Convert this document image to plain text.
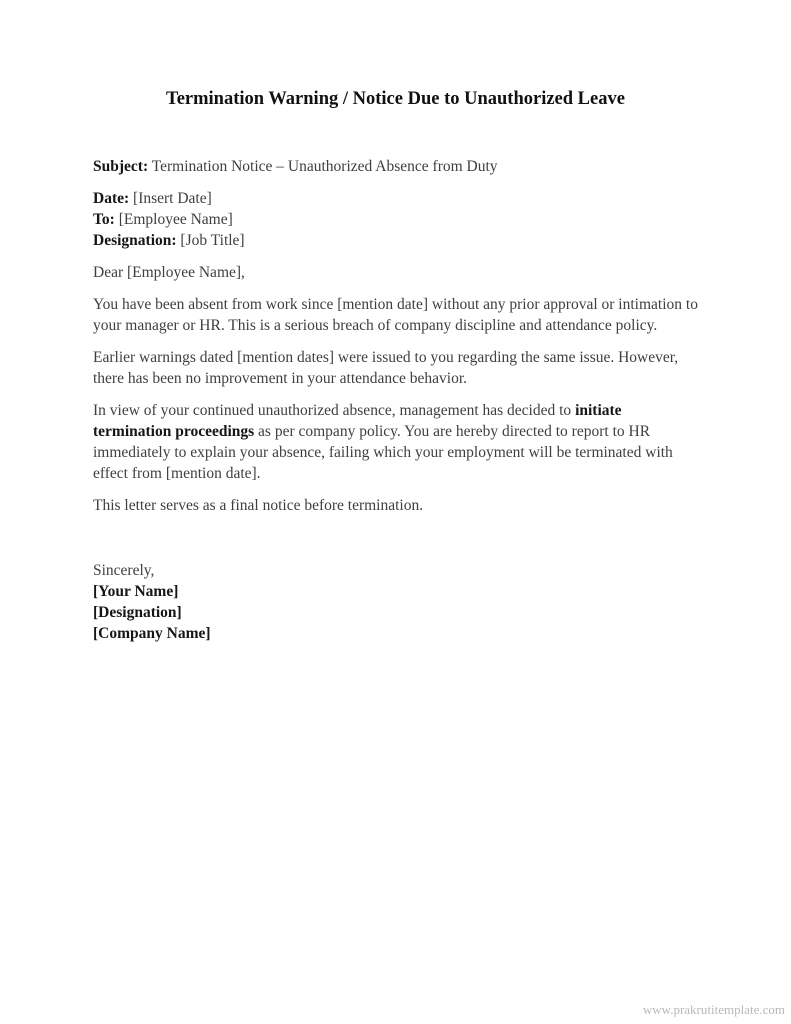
Termination Warning / Notice Due to Unauthorized Leave

Subject: Termination Notice – Unauthorized Absence from Duty

Date: [Insert Date]
To: [Employee Name]
Designation: [Job Title]

Dear [Employee Name],

You have been absent from work since [mention date] without any prior approval or intimation to your manager or HR. This is a serious breach of company discipline and attendance policy.

Earlier warnings dated [mention dates] were issued to you regarding the same issue. However, there has been no improvement in your attendance behavior.

In view of your continued unauthorized absence, management has decided to initiate termination proceedings as per company policy. You are hereby directed to report to HR immediately to explain your absence, failing which your employment will be terminated with effect from [mention date].

This letter serves as a final notice before termination.

Sincerely,
[Your Name]
[Designation]
[Company Name]
www.prakrutitemplate.com
